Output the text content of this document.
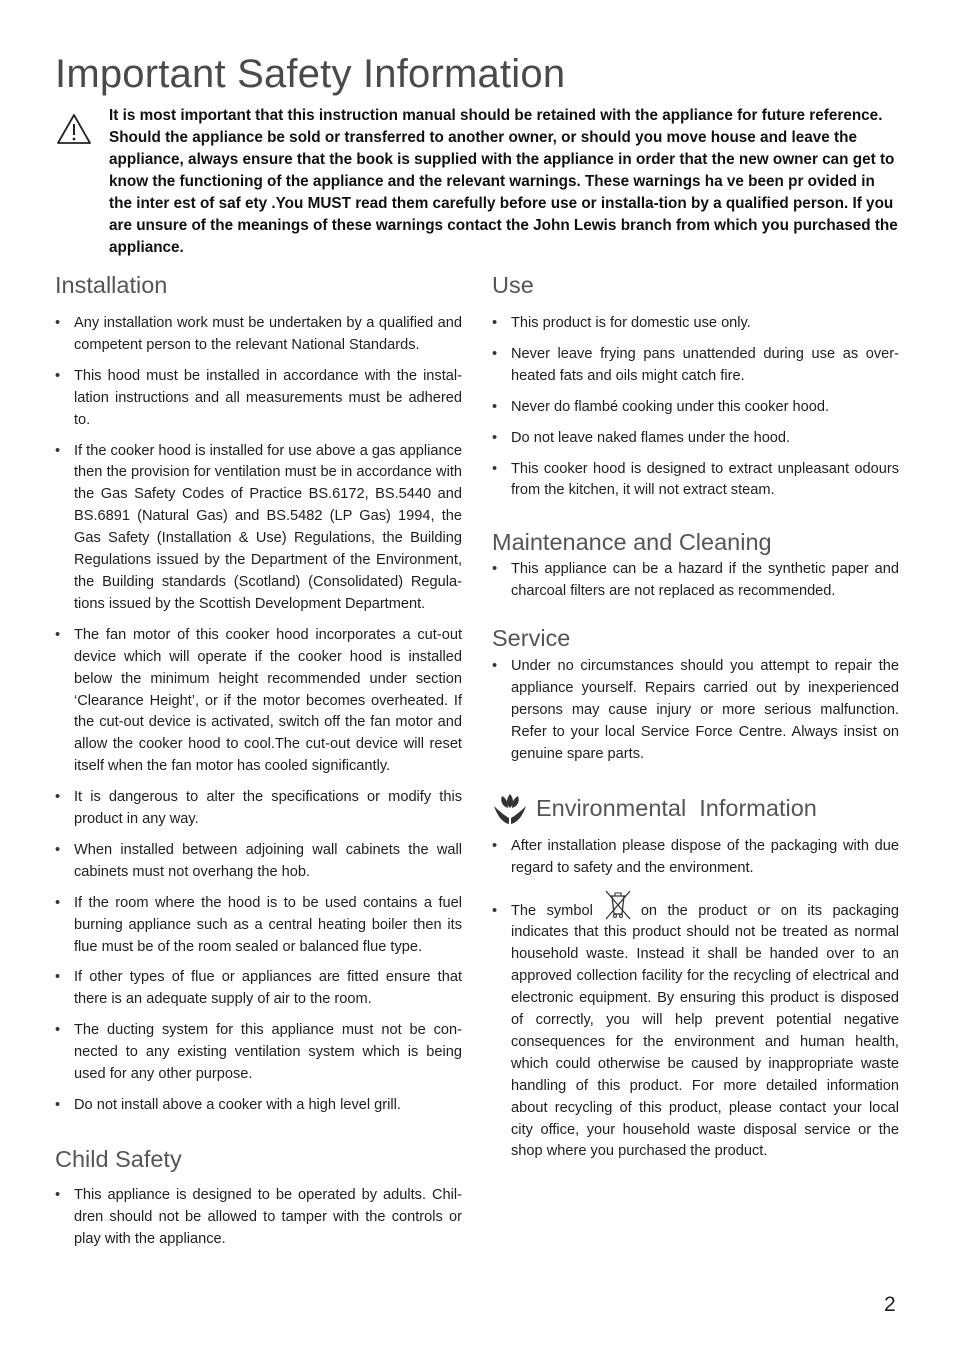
Important Safety Information

It is most important that this instruction manual should be retained with the appliance for future reference. Should the appliance be sold or transferred to another owner, or should you move house and leave the appliance, always ensure that the book is supplied with the appliance in order that the new owner can get to know the functioning of the appliance and the relevant warnings. These warnings ha ve been pr ovided in the inter est of saf ety .You MUST read them carefully before use or installa-tion by a qualified person. If you are unsure of the meanings of these warnings contact the John Lewis branch from which you purchased the appliance.

Installation
• Any installation work must be undertaken by a qualified and competent person to the relevant National Standards.
• This hood must be installed in accordance with the instal-lation instructions and all measurements must be adhered to.
• If the cooker hood is installed for use above a gas appliance then the provision for ventilation must be in accordance with the Gas Safety Codes of Practice BS.6172, BS.5440 and BS.6891 (Natural Gas) and BS.5482 (LP Gas) 1994, the Gas Safety (Installation & Use) Regulations, the Building Regulations issued by the Department of the Environment, the Building standards (Scotland) (Consolidated) Regula-tions issued by the Scottish Development Department.
• The fan motor of this cooker hood incorporates a cut-out device which will operate if the cooker hood is installed below the minimum height recommended under section ‘Clearance Height’, or if the motor becomes overheated. If the cut-out device is activated, switch off the fan motor and allow the cooker hood to cool.The cut-out device will reset itself when the fan motor has cooled significantly.
• It is dangerous to alter the specifications or modify this product in any way.
• When installed between adjoining wall cabinets the wall cabinets must not overhang the hob.
• If the room where the hood is to be used contains a fuel burning appliance such as a central heating boiler then its flue must be of the room sealed or balanced flue type.
• If other types of flue or appliances are fitted ensure that there is an adequate supply of air to the room.
• The ducting system for this appliance must not be con-nected to any existing ventilation system which is being used for any other purpose.
• Do not install above a cooker with a high level grill.
Child Safety
• This appliance is designed to be operated by adults. Chil-dren should not be allowed to tamper with the controls or play with the appliance.
Use
• This product is for domestic use only.
• Never leave frying pans unattended during use as over-heated fats and oils might catch fire.
• Never do flambé cooking under this cooker hood.
• Do not leave naked flames under the hood.
• This cooker hood is designed to extract unpleasant odours from the kitchen, it will not extract steam.
Maintenance and Cleaning
• This appliance can be a hazard if the synthetic paper and charcoal filters are not replaced as recommended.
Service
• Under no circumstances should you attempt to repair the appliance yourself. Repairs carried out by inexperienced persons may cause injury or more serious malfunction. Refer to your local Service Force Centre. Always insist on genuine spare parts.
Environmental  Information
• After installation please dispose of the packaging with due regard to safety and the environment.
• The symbol	on the product or on its packaging indicates that this product should not be treated as normal household waste. Instead it shall be handed over to an approved collection facility for the recycling of electrical and electronic equipment. By ensuring this product is disposed of correctly, you will help prevent potential negative consequences for the environment and human health, which could otherwise be caused by inappropriate waste handling of this product. For more detailed information about recycling of this product, please contact your local city office, your household waste disposal service or the shop where you purchased the product.
2
